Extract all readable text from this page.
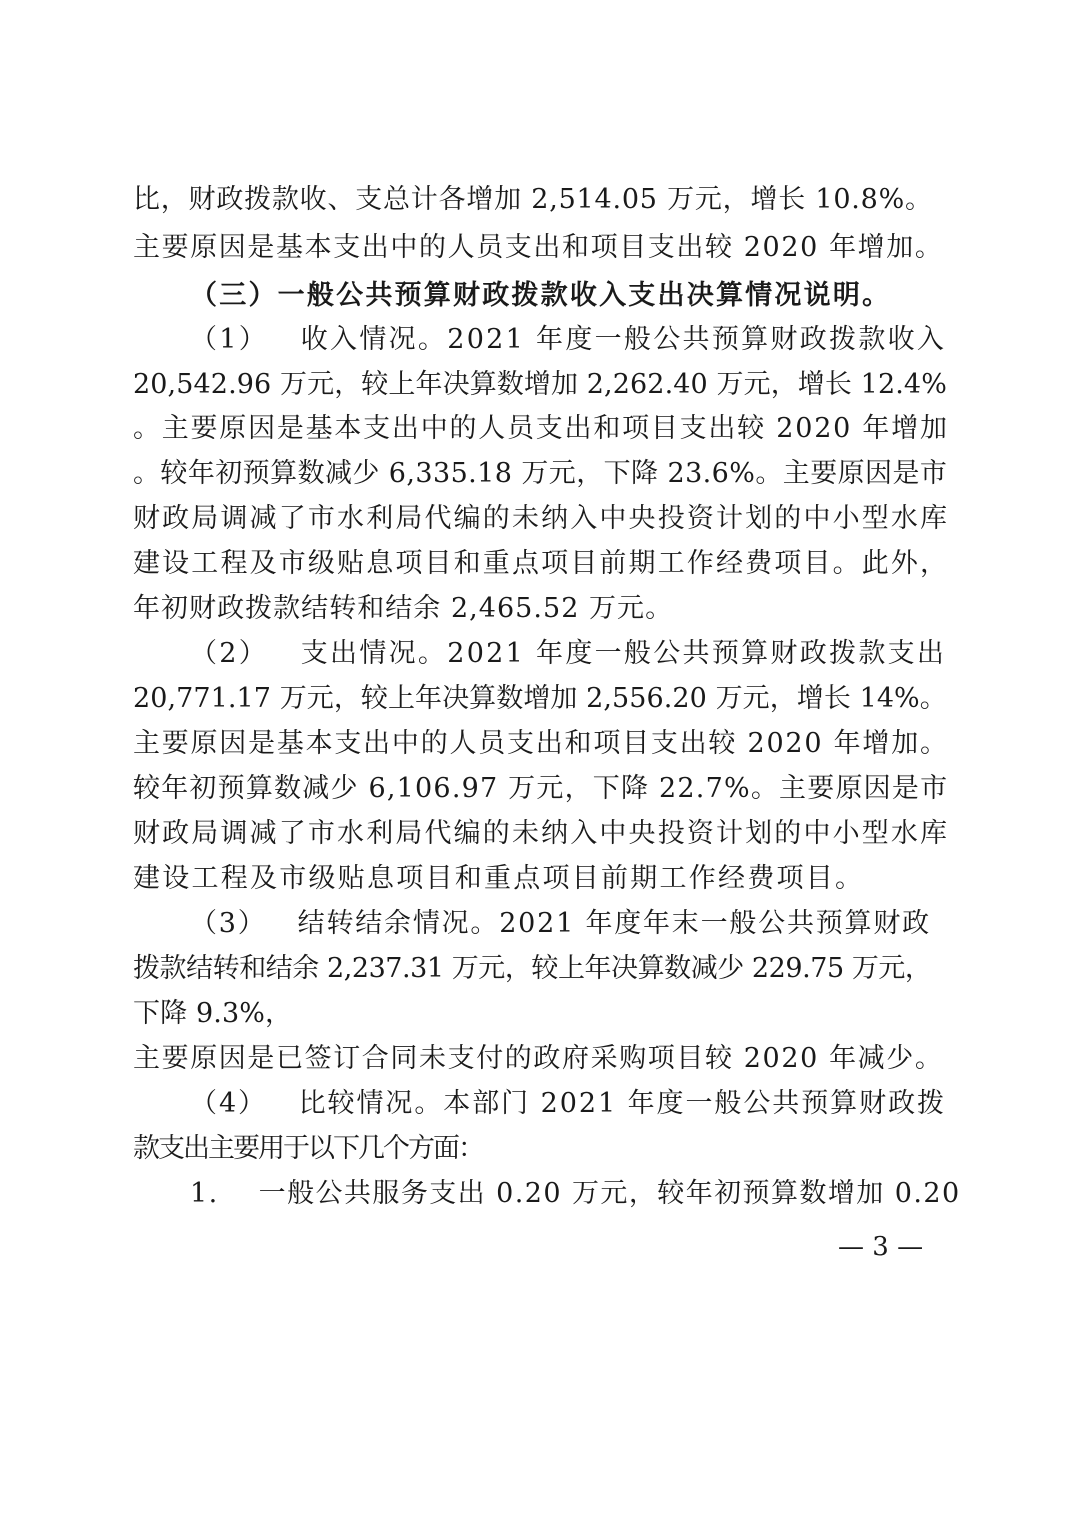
比，财政拨款收、支总计各增加 2,514.05 万元，增长 10.8%。

主要原因是基本支出中的人员支出和项目支出较 2020 年增加。

（三）一般公共预算财政拨款收入支出决算情况说明。

（1）   收入情况。2021 年度一般公共预算财政拨款收入

20,542.96 万元，较上年决算数增加 2,262.40 万元，增长 12.4%

。主要原因是基本支出中的人员支出和项目支出较 2020 年增加

。较年初预算数减少 6,335.18 万元，下降 23.6%。主要原因是市

财政局调减了市水利局代编的未纳入中央投资计划的中小型水库

建设工程及市级贴息项目和重点项目前期工作经费项目。此外，

年初财政拨款结转和结余 2,465.52 万元。

（2）   支出情况。2021 年度一般公共预算财政拨款支出

20,771.17 万元，较上年决算数增加 2,556.20 万元，增长 14%。

主要原因是基本支出中的人员支出和项目支出较 2020 年增加。

较年初预算数减少 6,106.97 万元，下降 22.7%。主要原因是市

财政局调减了市水利局代编的未纳入中央投资计划的中小型水库

建设工程及市级贴息项目和重点项目前期工作经费项目。

（3）   结转结余情况。2021 年度年末一般公共预算财政

拨款结转和结余 2,237.31 万元，较上年决算数减少 229.75 万元，

下降 9.3%，

主要原因是已签订合同未支付的政府采购项目较 2020 年减少。

（4）   比较情况。本部门 2021 年度一般公共预算财政拨

款支出主要用于以下几个方面：

1.    一般公共服务支出 0.20 万元，较年初预算数增加 0.20

— 3 —
